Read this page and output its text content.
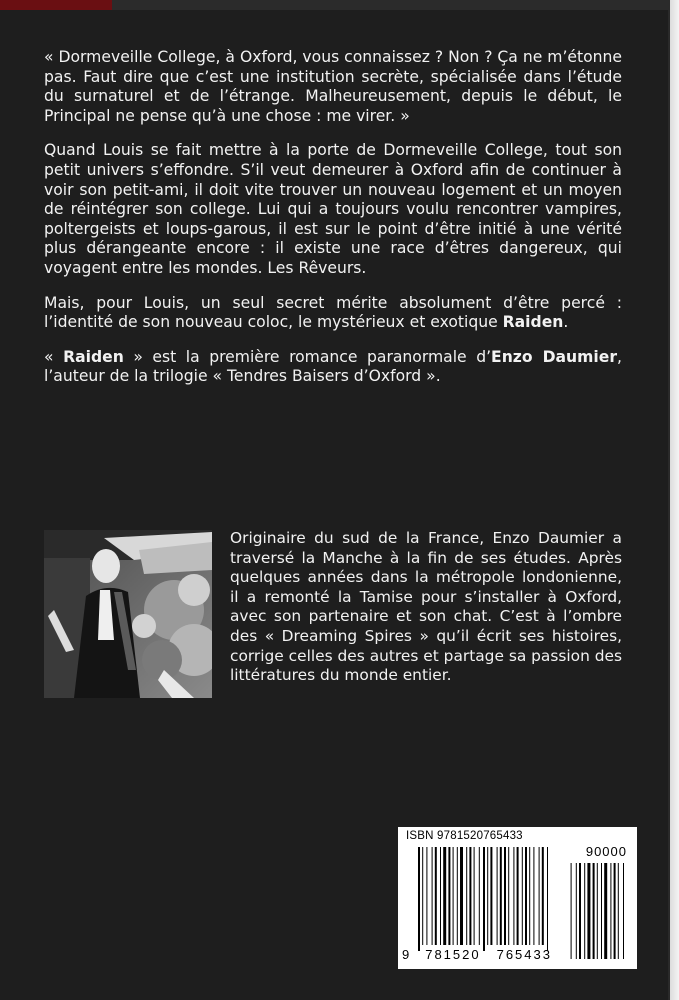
« Dormeveille College, à Oxford, vous connaissez ? Non ? Ça ne m’étonne pas. Faut dire que c’est une institution secrète, spécialisée dans l’étude du surnaturel et de l’étrange. Malheureusement, depuis le début, le Principal ne pense qu’à une chose : me virer. »

Quand Louis se fait mettre à la porte de Dormeveille College, tout son petit univers s’effondre. S’il veut demeurer à Oxford afin de continuer à voir son petit-ami, il doit vite trouver un nouveau logement et un moyen de réintégrer son college. Lui qui a toujours voulu rencontrer vampires, poltergeists et loups-garous, il est sur le point d’être initié à une vérité plus dérangeante encore : il existe une race d’êtres dangereux, qui voyagent entre les mondes. Les Rêveurs.

Mais, pour Louis, un seul secret mérite absolument d’être percé : l’identité de son nouveau coloc, le mystérieux et exotique Raiden.

« Raiden » est la première romance paranormale d’Enzo Daumier, l’auteur de la trilogie « Tendres Baisers d’Oxford ».

Originaire du sud de la France, Enzo Daumier a traversé la Manche à la fin de ses études. Après quelques années dans la métropole londonienne, il a remonté la Tamise pour s’installer à Oxford, avec son partenaire et son chat. C’est à l’ombre des « Dreaming Spires » qu’il écrit ses histoires, corrige celles des autres et partage sa passion des littératures du monde entier.
ISBN 9781520765433
90000
9 781520 765433
